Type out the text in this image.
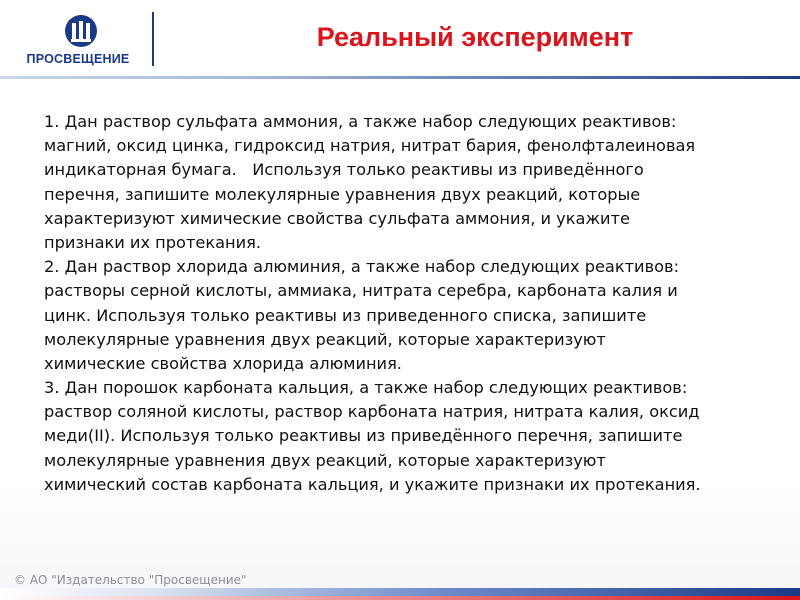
ПРОСВЕЩЕНИЕ
Реальный эксперимент
1. Дан раствор сульфата аммония, а также набор следующих реактивов:
магний, оксид цинка, гидроксид натрия, нитрат бария, фенолфталеиновая
индикаторная бумага.   Используя только реактивы из приведённого
перечня, запишите молекулярные уравнения двух реакций, которые
характеризуют химические свойства сульфата аммония, и укажите
признаки их протекания.
2. Дан раствор хлорида алюминия, а также набор следующих реактивов:
растворы серной кислоты, аммиака, нитрата серебра, карбоната калия и
цинк. Используя только реактивы из приведенного списка, запишите
молекулярные уравнения двух реакций, которые характеризуют
химические свойства хлорида алюминия.
3. Дан порошок карбоната кальция, а также набор следующих реактивов:
раствор соляной кислоты, раствор карбоната натрия, нитрата калия, оксид
меди(II). Используя только реактивы из приведённого перечня, запишите
молекулярные уравнения двух реакций, которые характеризуют
химический состав карбоната кальция, и укажите признаки их протекания.
© АО "Издательство "Просвещение"
